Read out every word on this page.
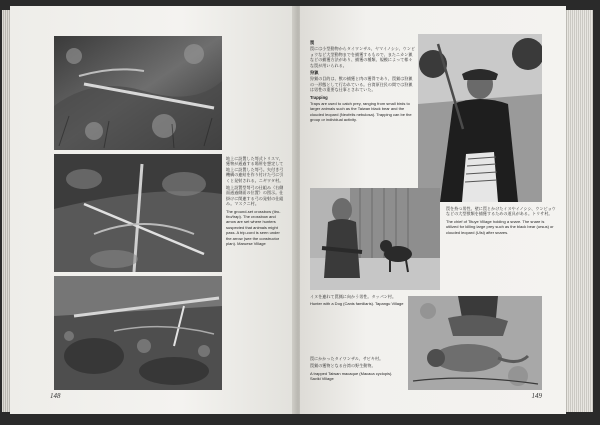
地上に設置した弩式トリスマ、獲物が通過する場所を想定して地上に設置した弩弓。矢付き弓機構の連結を作り付けた弓に引くと発射される。ニギワタ村。

地上設置型弩弓の仕組み（右側面通過側面の位置）の図示。仕掛けに関連する弓の発射の仕組み。マスクニ村。

The ground-set crossbow (tiro-tiro/trap). The crossbow and arrow are set where hunters suspected that animals might pass. A trip-cord is seen under the arrow (see the constructor plan). Maruese Village

148
罠

罠には小型動物からタイワンザル、ヤマイノシシ、ウンピョウなど大型動物までを捕獲するもので、またニカン猟などの捕獲方法があり、捕獲の種類、規模によって様々な罠が用いられる。

狩猟

狩猟の目的は、獣の捕獲と肉の獲得であり、罠猟は狩猟の一形態として行われている。台湾原住民の間では狩猟は男性の重要な仕事とされていた。

Trapping

Traps are used to catch prey, ranging from small birds to larger animals such as the Taiwan black bear and the clouded leopard (Neofelis nebulosa). Trapping can be the group or individual activity.

罠を持つ男性。壁に罠とかけたイヌやイノシシ、ウンピョウなどの大型獣類を捕獲するための道具がある。トリサ村。

The chief of Tituye Village holding a snare. The snare is utilized for killing large prey such as the black bear (ursus) or clouded leopard (Ulsi) after snares.

イヌを連れて罠猟に向かう男性。タッパン村。

Hunter with a Dog (Canis familiaris). Tapangu Village

罠にかかったタイワンザル、サビキ村。

罠猟の獲物となる台湾の野生動物。

A trapped Taiwan macaque (Macaca cyclopis). Saviki Village

149
